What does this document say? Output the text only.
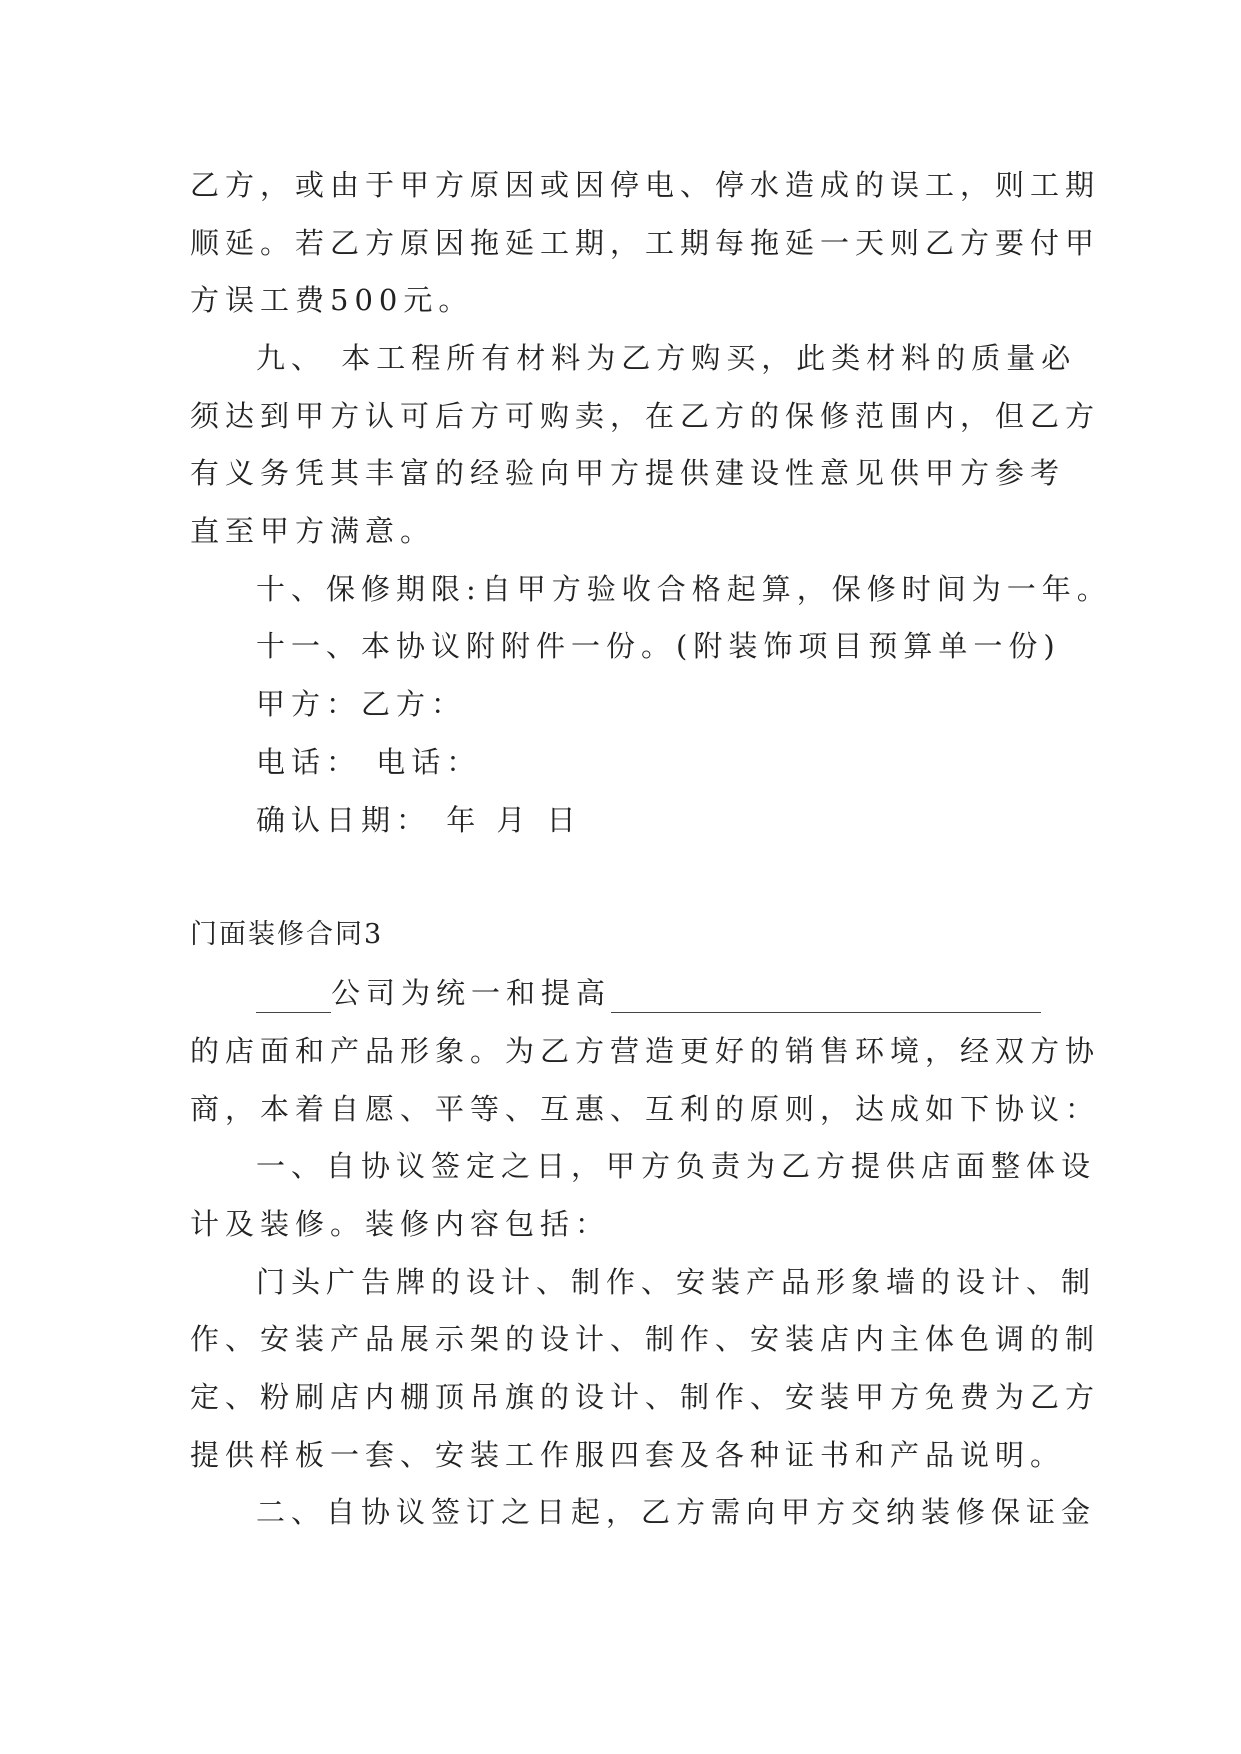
乙方，或由于甲方原因或因停电、停水造成的误工，则工期
顺延。若乙方原因拖延工期，工期每拖延一天则乙方要付甲
方误工费500元。
九、 本工程所有材料为乙方购买，此类材料的质量必
须达到甲方认可后方可购卖，在乙方的保修范围内，但乙方
有义务凭其丰富的经验向甲方提供建设性意见供甲方参考
直至甲方满意。
十、保修期限:自甲方验收合格起算，保修时间为一年。
十一、本协议附附件一份。(附装饰项目预算单一份)
甲方：乙方：
电话： 电话：
确认日期： 年 月 日
门面装修合同3
公司为统一和提高
的店面和产品形象。为乙方营造更好的销售环境，经双方协
商，本着自愿、平等、互惠、互利的原则，达成如下协议：
一、自协议签定之日，甲方负责为乙方提供店面整体设
计及装修。装修内容包括：
门头广告牌的设计、制作、安装产品形象墙的设计、制
作、安装产品展示架的设计、制作、安装店内主体色调的制
定、粉刷店内棚顶吊旗的设计、制作、安装甲方免费为乙方
提供样板一套、安装工作服四套及各种证书和产品说明。
二、自协议签订之日起，乙方需向甲方交纳装修保证金
